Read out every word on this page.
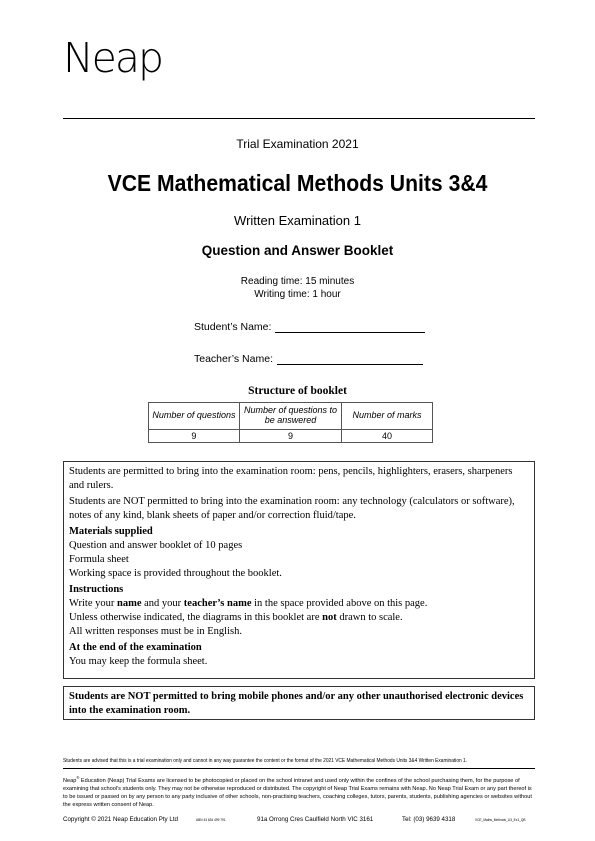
Neap
Trial Examination 2021
VCE Mathematical Methods Units 3&4
Written Examination 1
Question and Answer Booklet
Reading time: 15 minutes
Writing time: 1 hour
Student’s Name:
Teacher’s Name:
Structure of booklet
Number of questions	Number of questions to be answered	Number of marks
9	9	40

Students are permitted to bring into the examination room: pens, pencils, highlighters, erasers, sharpeners and rulers.

Students are NOT permitted to bring into the examination room: any technology (calculators or software), notes of any kind, blank sheets of paper and/or correction fluid/tape.

Materials supplied

Question and answer booklet of 10 pages

Formula sheet

Working space is provided throughout the booklet.

Instructions

Write your name and your teacher’s name in the space provided above on this page.

Unless otherwise indicated, the diagrams in this booklet are not drawn to scale.

All written responses must be in English.

At the end of the examination

You may keep the formula sheet.

Students are NOT permitted to bring mobile phones and/or any other unauthorised electronic devices into the examination room.

Students are advised that this is a trial examination only and cannot in any way guarantee the content or the format of the 2021 VCE Mathematical Methods Units 3&4 Written Examination 1.
Neap® Education (Neap) Trial Exams are licensed to be photocopied or placed on the school intranet and used only within the confines of the school purchasing them, for the purpose of examining that school's students only. They may not be otherwise reproduced or distributed. The copyright of Neap Trial Exams remains with Neap. No Neap Trial Exam or any part thereof is to be issued or passed on by any person to any party inclusive of other schools, non-practising teachers, coaching colleges, tutors, parents, students, publishing agencies or websites without the express written consent of Neap.
Copyright © 2021 Neap Education Pty Ltd	ABN 43 634 499 791	91a Orrong Cres Caulfield North VIC 3161	Tel: (03) 9639 4318	VCE_Maths_Methods_U3_Ex1_QB
